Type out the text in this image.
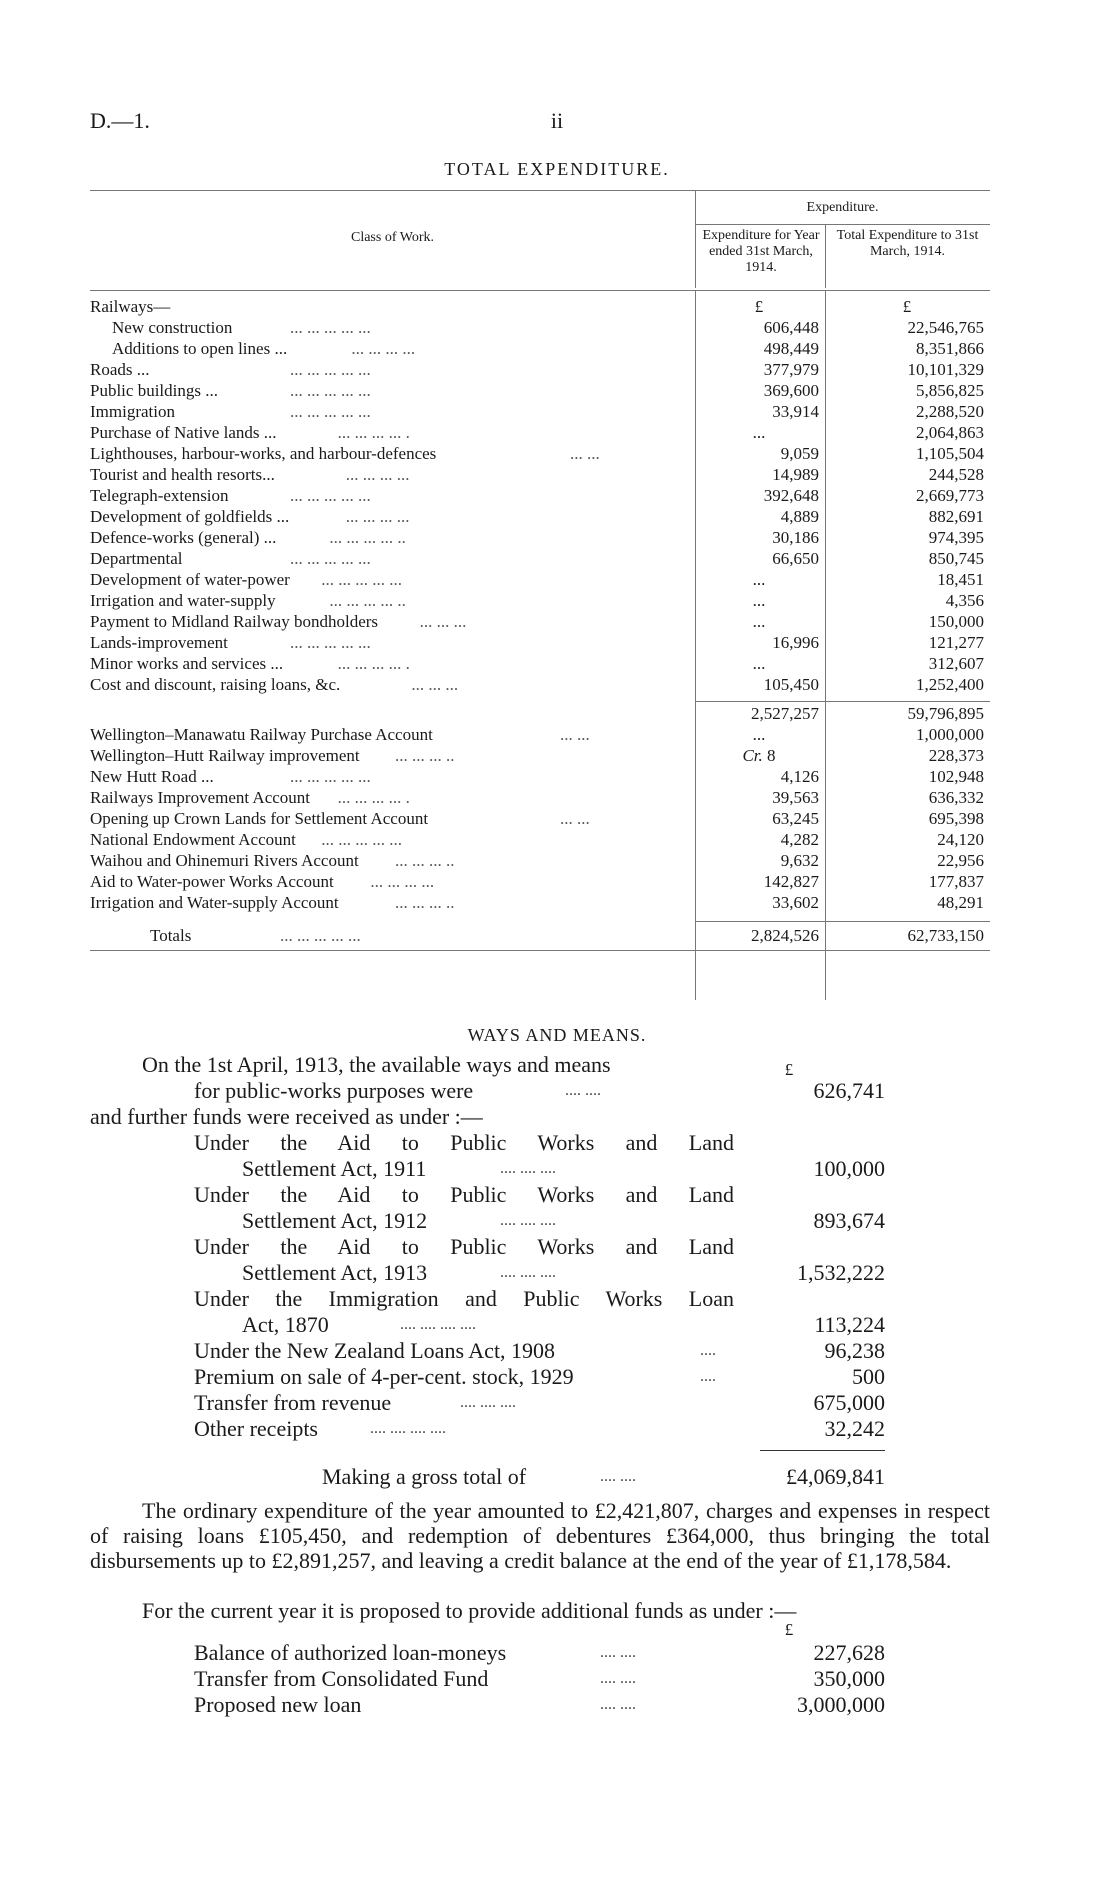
D.—1.	ii
TOTAL EXPENDITURE.
Expenditure.
Class of Work.	Expenditure for Year ended 31st March, 1914.
Total Expenditure to 31st March, 1914.
Railways—	£	£
New construction	... ... ... ... ...	606,448	22,546,765
Additions to open lines ...	... ... ... ...	498,449	8,351,866
Roads ...	... ... ... ... ...	377,979	10,101,329
Public buildings ...	... ... ... ... ...	369,600	5,856,825
Immigration	... ... ... ... ...	33,914	2,288,520
Purchase of Native lands ...	... ... ... ... .	...	2,064,863
Lighthouses, harbour-works, and harbour-defences	... ...	9,059	1,105,504
Tourist and health resorts...	... ... ... ...	14,989	244,528
Telegraph-extension	... ... ... ... ...	392,648	2,669,773
Development of goldfields ...	... ... ... ...	4,889	882,691
Defence-works (general) ...	... ... ... ... ..	30,186	974,395
Departmental	... ... ... ... ...	66,650	850,745
Development of water-power	... ... ... ... ...	...	18,451
Irrigation and water-supply	... ... ... ... ..	...	4,356
Payment to Midland Railway bondholders	... ... ...	...	150,000
Lands-improvement	... ... ... ... ...	16,996	121,277
Minor works and services ...	... ... ... ... .	...	312,607
Cost and discount, raising loans, &c.	... ... ...	105,450	1,252,400
2,527,257	59,796,895
Wellington–Manawatu Railway Purchase Account	... ...	...	1,000,000
Wellington–Hutt Railway improvement	... ... ... ..	Cr. 8	228,373
New Hutt Road ...	... ... ... ... ...	4,126	102,948
Railways Improvement Account	... ... ... ... .	39,563	636,332
Opening up Crown Lands for Settlement Account	... ...	63,245	695,398
National Endowment Account	... ... ... ... ...	4,282	24,120
Waihou and Ohinemuri Rivers Account	... ... ... ..	9,632	22,956
Aid to Water-power Works Account	... ... ... ...	142,827	177,837
Irrigation and Water-supply Account	... ... ... ..	33,602	48,291
Totals	... ... ... ... ...	2,824,526	62,733,150
WAYS AND MEANS.
£
On the 1st April, 1913, the available ways and means
for public-works purposes were	.... ....	626,741
and further funds were received as under :—
Under the Aid to Public Works and Land
Settlement Act, 1911	.... .... ....	100,000
Under the Aid to Public Works and Land
Settlement Act, 1912	.... .... ....	893,674
Under the Aid to Public Works and Land
Settlement Act, 1913	.... .... ....	1,532,222
Under the Immigration and Public Works Loan
Act, 1870	.... .... .... ....	113,224
Under the New Zealand Loans Act, 1908	....	96,238
Premium on sale of 4-per-cent. stock, 1929	....	500
Transfer from revenue	.... .... ....	675,000
Other receipts	.... .... .... ....	32,242
Making a gross total of	.... ....	£4,069,841

The ordinary expenditure of the year amounted to £2,421,807, charges and expenses in respect of raising loans £105,450, and redemption of debentures £364,000, thus bringing the total disbursements up to £2,891,257, and leaving a credit balance at the end of the year of £1,178,584.

For the current year it is proposed to provide additional funds as under :—
£
Balance of authorized loan-moneys	.... ....	227,628
Transfer from Consolidated Fund	.... ....	350,000
Proposed new loan	.... ....	3,000,000
